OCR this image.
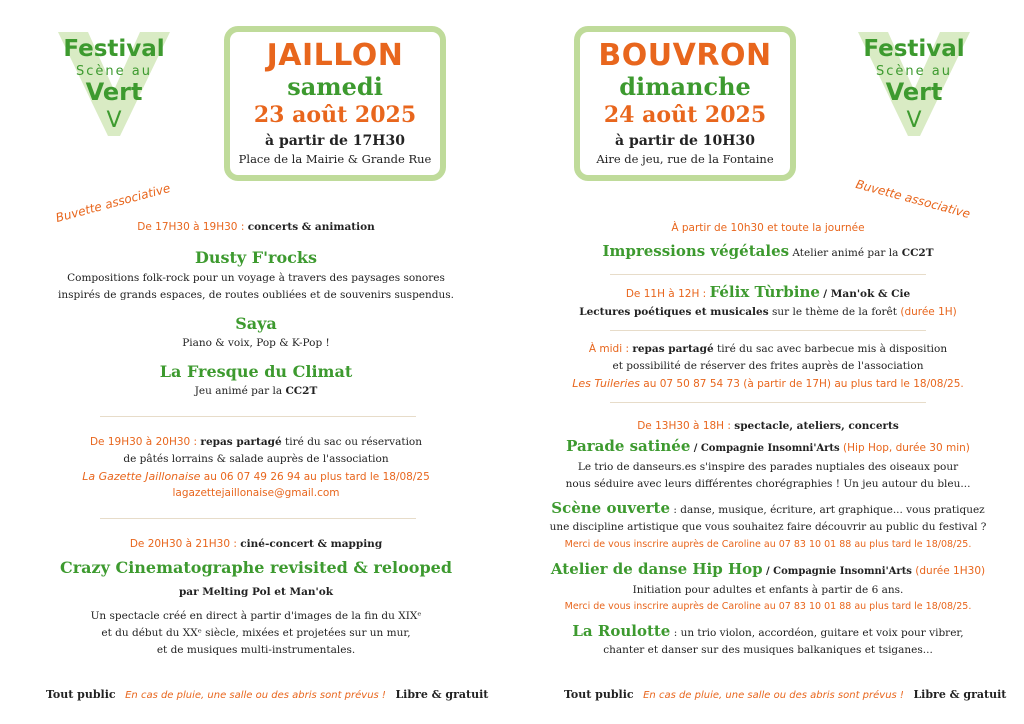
Festival
Scène au
Vert
V
JAILLON
samedi
23 août 2025
à partir de 17H30
Place de la Mairie & Grande Rue
Buvette associative
De 17H30 à 19H30 : concerts & animation
Dusty F'rocks
Compositions folk-rock pour un voyage à travers des paysages sonores
inspirés de grands espaces, de routes oubliées et de souvenirs suspendus.
Saya
Piano & voix, Pop & K-Pop !
La Fresque du Climat
Jeu animé par la CC2T
De 19H30 à 20H30 : repas partagé tiré du sac ou réservation
de pâtés lorrains & salade auprès de l'association
La Gazette Jaillonaise au 06 07 49 26 94 au plus tard le 18/08/25
lagazettejaillonaise@gmail.com
De 20H30 à 21H30 : ciné-concert & mapping
Crazy Cinematographe revisited & relooped
par Melting Pol et Man'ok
Un spectacle créé en direct à partir d'images de la fin du XIXᵉ
et du début du XXᵉ siècle, mixées et projetées sur un mur,
et de musiques multi-instrumentales.
Tout public En cas de pluie, une salle ou des abris sont prévus ! Libre & gratuit
BOUVRON
dimanche
24 août 2025
à partir de 10H30
Aire de jeu, rue de la Fontaine
Festival
Scène au
Vert
V
Buvette associative
À partir de 10h30 et toute la journée
Impressions végétales Atelier animé par la CC2T
De 11H à 12H : Félix Tùrbine / Man'ok & Cie
Lectures poétiques et musicales sur le thème de la forêt (durée 1H)
À midi : repas partagé tiré du sac avec barbecue mis à disposition
et possibilité de réserver des frites auprès de l'association
Les Tuileries au 07 50 87 54 73 (à partir de 17H) au plus tard le 18/08/25.
De 13H30 à 18H : spectacle, ateliers, concerts
Parade satinée / Compagnie Insomni'Arts (Hip Hop, durée 30 min)
Le trio de danseurs.es s'inspire des parades nuptiales des oiseaux pour
nous séduire avec leurs différentes chorégraphies ! Un jeu autour du bleu...
Scène ouverte : danse, musique, écriture, art graphique... vous pratiquez
une discipline artistique que vous souhaitez faire découvrir au public du festival ?
Merci de vous inscrire auprès de Caroline au 07 83 10 01 88 au plus tard le 18/08/25.
Atelier de danse Hip Hop / Compagnie Insomni'Arts (durée 1H30)
Initiation pour adultes et enfants à partir de 6 ans.
Merci de vous inscrire auprès de Caroline au 07 83 10 01 88 au plus tard le 18/08/25.
La Roulotte : un trio violon, accordéon, guitare et voix pour vibrer,
chanter et danser sur des musiques balkaniques et tsiganes...
Tout public En cas de pluie, une salle ou des abris sont prévus ! Libre & gratuit
